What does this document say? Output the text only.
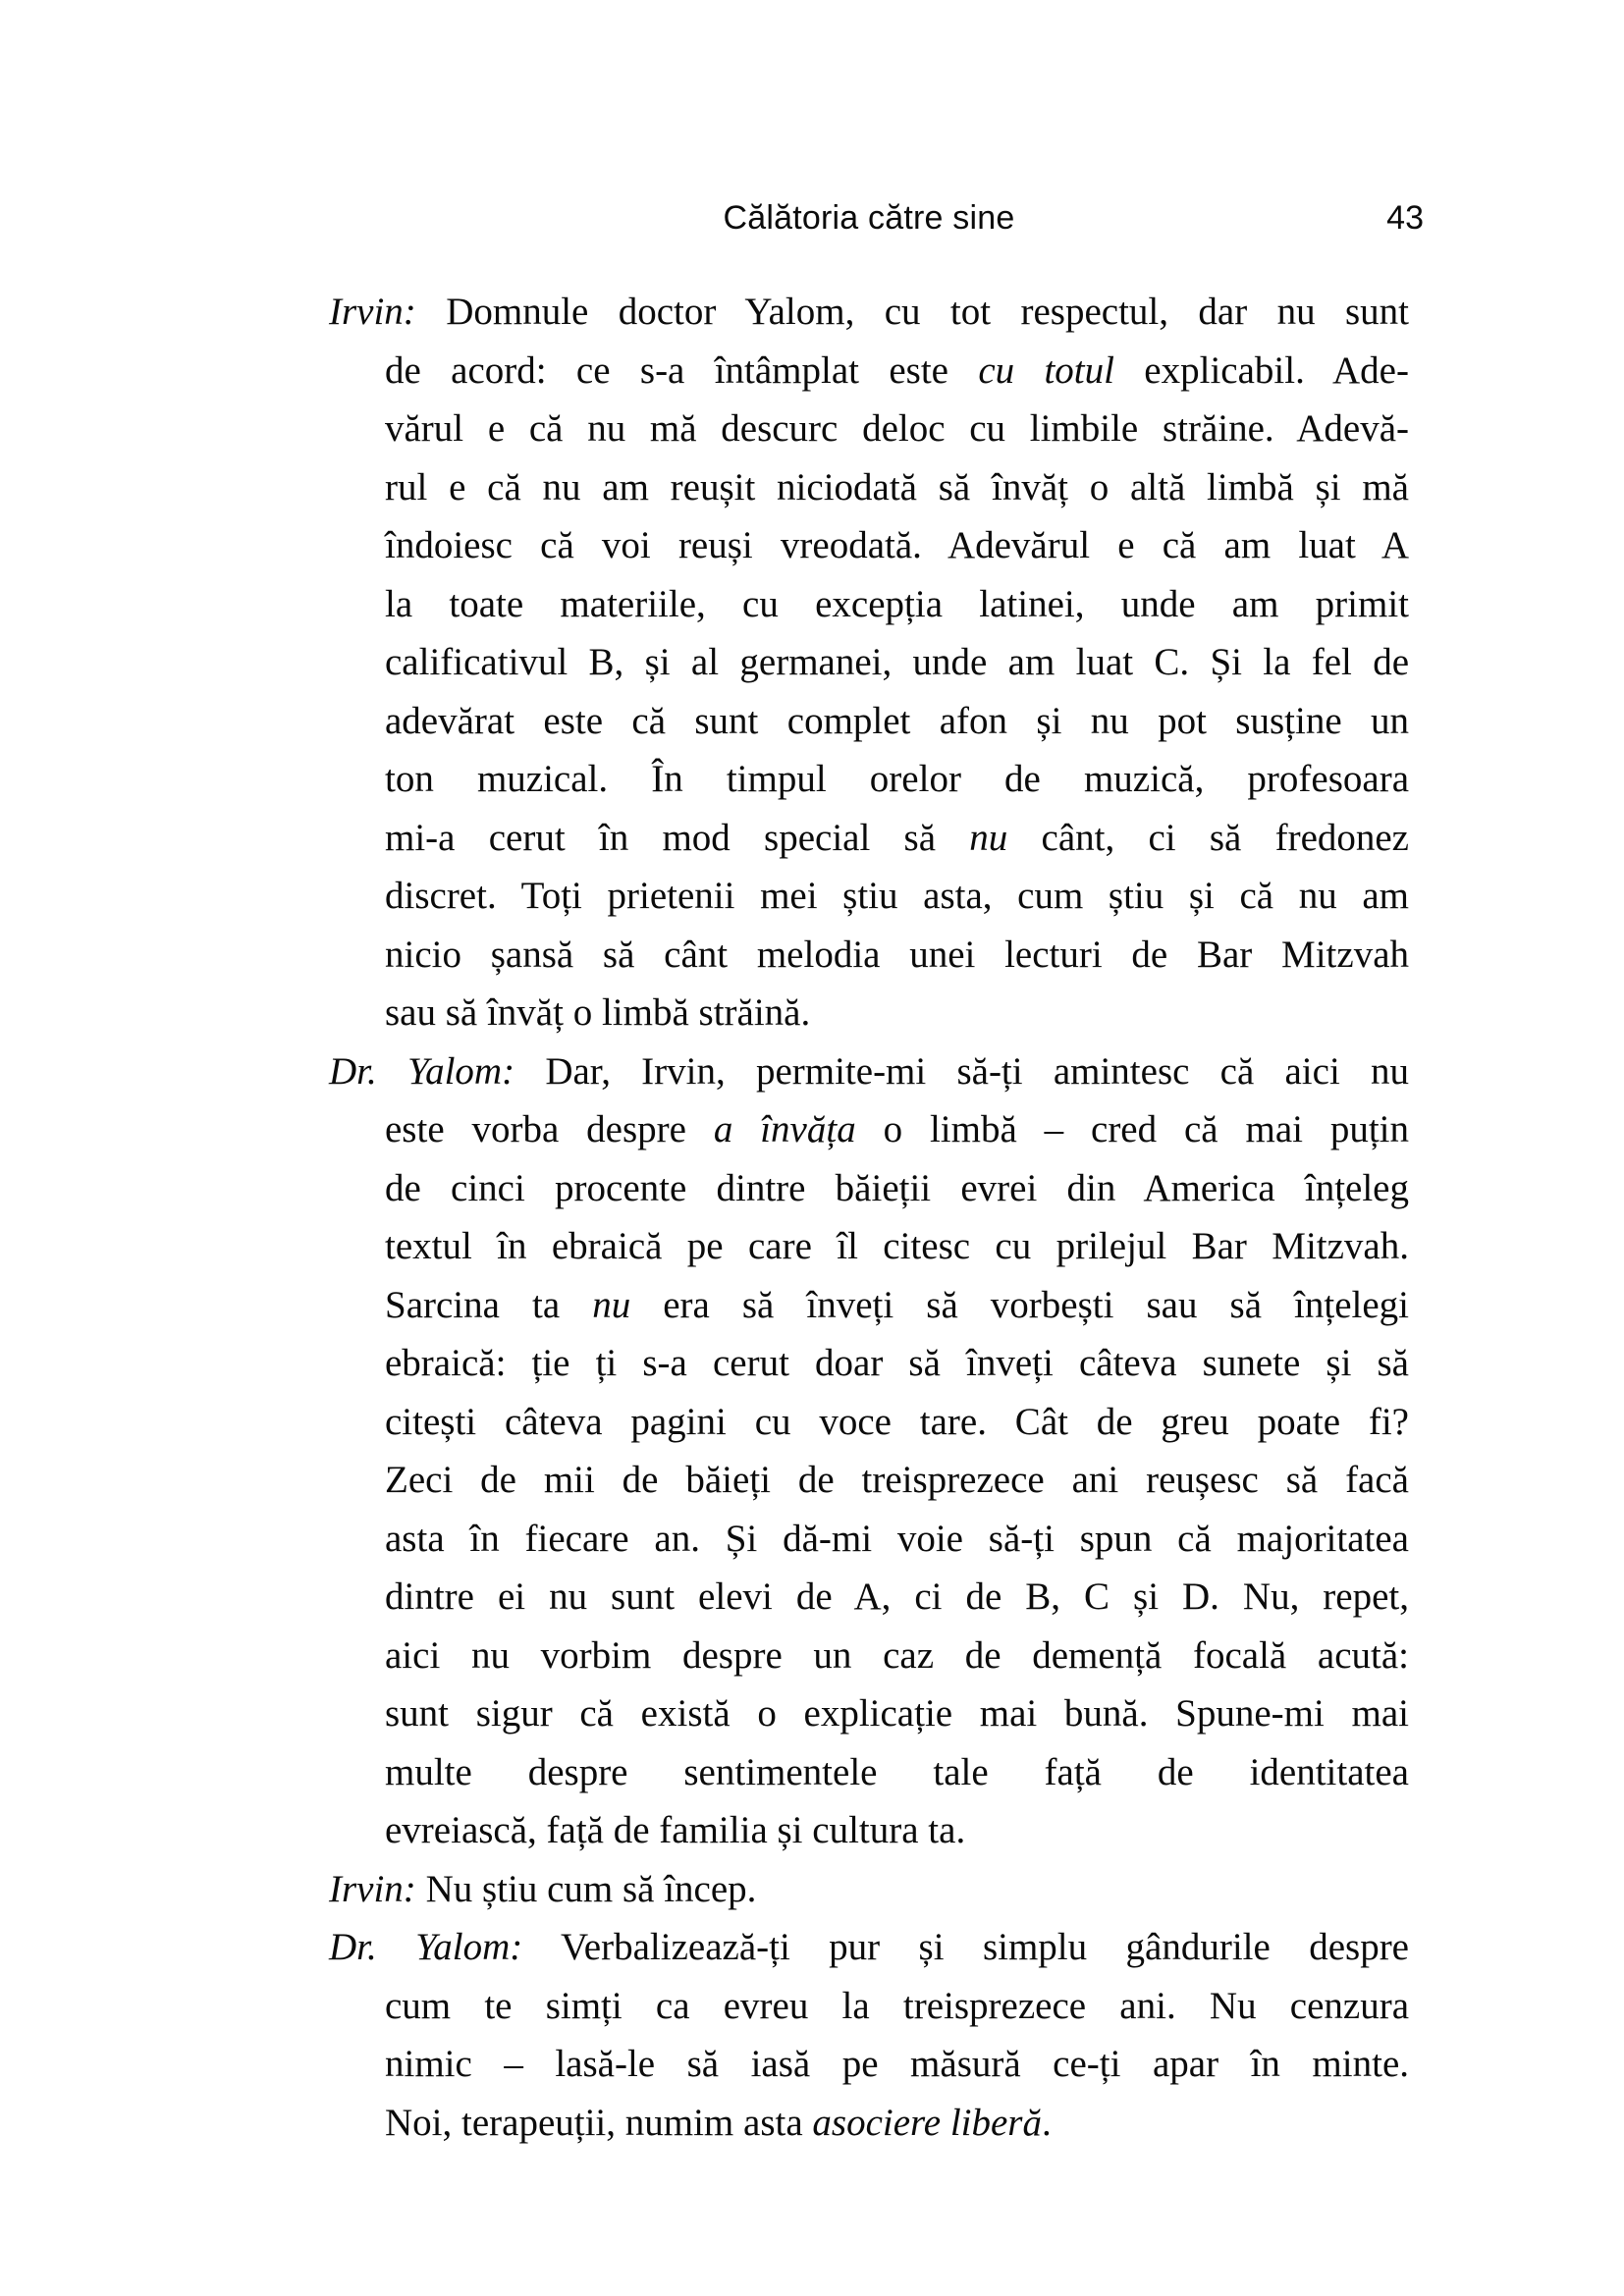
Călătoria către sine	43
Irvin: Domnule doctor Yalom, cu tot respectul, dar nu sunt
de acord: ce s-a întâmplat este cu totul explicabil. Ade-
vărul e că nu mă descurc deloc cu limbile străine. Adevă-
rul e că nu am reușit niciodată să învăț o altă limbă și mă
îndoiesc că voi reuși vreodată. Adevărul e că am luat A
la toate materiile, cu excepția latinei, unde am primit
calificativul B, și al germanei, unde am luat C. Și la fel de
adevărat este că sunt complet afon și nu pot susține un
ton muzical. În timpul orelor de muzică, profesoara
mi-a cerut în mod special să nu cânt, ci să fredonez
discret. Toți prietenii mei știu asta, cum știu și că nu am
nicio șansă să cânt melodia unei lecturi de Bar Mitzvah
sau să învăț o limbă străină.
Dr. Yalom: Dar, Irvin, permite-mi să-ți amintesc că aici nu
este vorba despre a învăța o limbă – cred că mai puțin
de cinci procente dintre băieții evrei din America înțeleg
textul în ebraică pe care îl citesc cu prilejul Bar Mitzvah.
Sarcina ta nu era să înveți să vorbești sau să înțelegi
ebraică: ție ți s-a cerut doar să înveți câteva sunete și să
citești câteva pagini cu voce tare. Cât de greu poate fi?
Zeci de mii de băieți de treisprezece ani reușesc să facă
asta în fiecare an. Și dă-mi voie să-ți spun că majoritatea
dintre ei nu sunt elevi de A, ci de B, C și D. Nu, repet,
aici nu vorbim despre un caz de demență focală acută:
sunt sigur că există o explicație mai bună. Spune-mi mai
multe despre sentimentele tale față de identitatea
evreiască, față de familia și cultura ta.
Irvin: Nu știu cum să încep.
Dr. Yalom: Verbalizează-ți pur și simplu gândurile despre
cum te simți ca evreu la treisprezece ani. Nu cenzura
nimic – lasă-le să iasă pe măsură ce-ți apar în minte.
Noi, terapeuții, numim asta asociere liberă.
